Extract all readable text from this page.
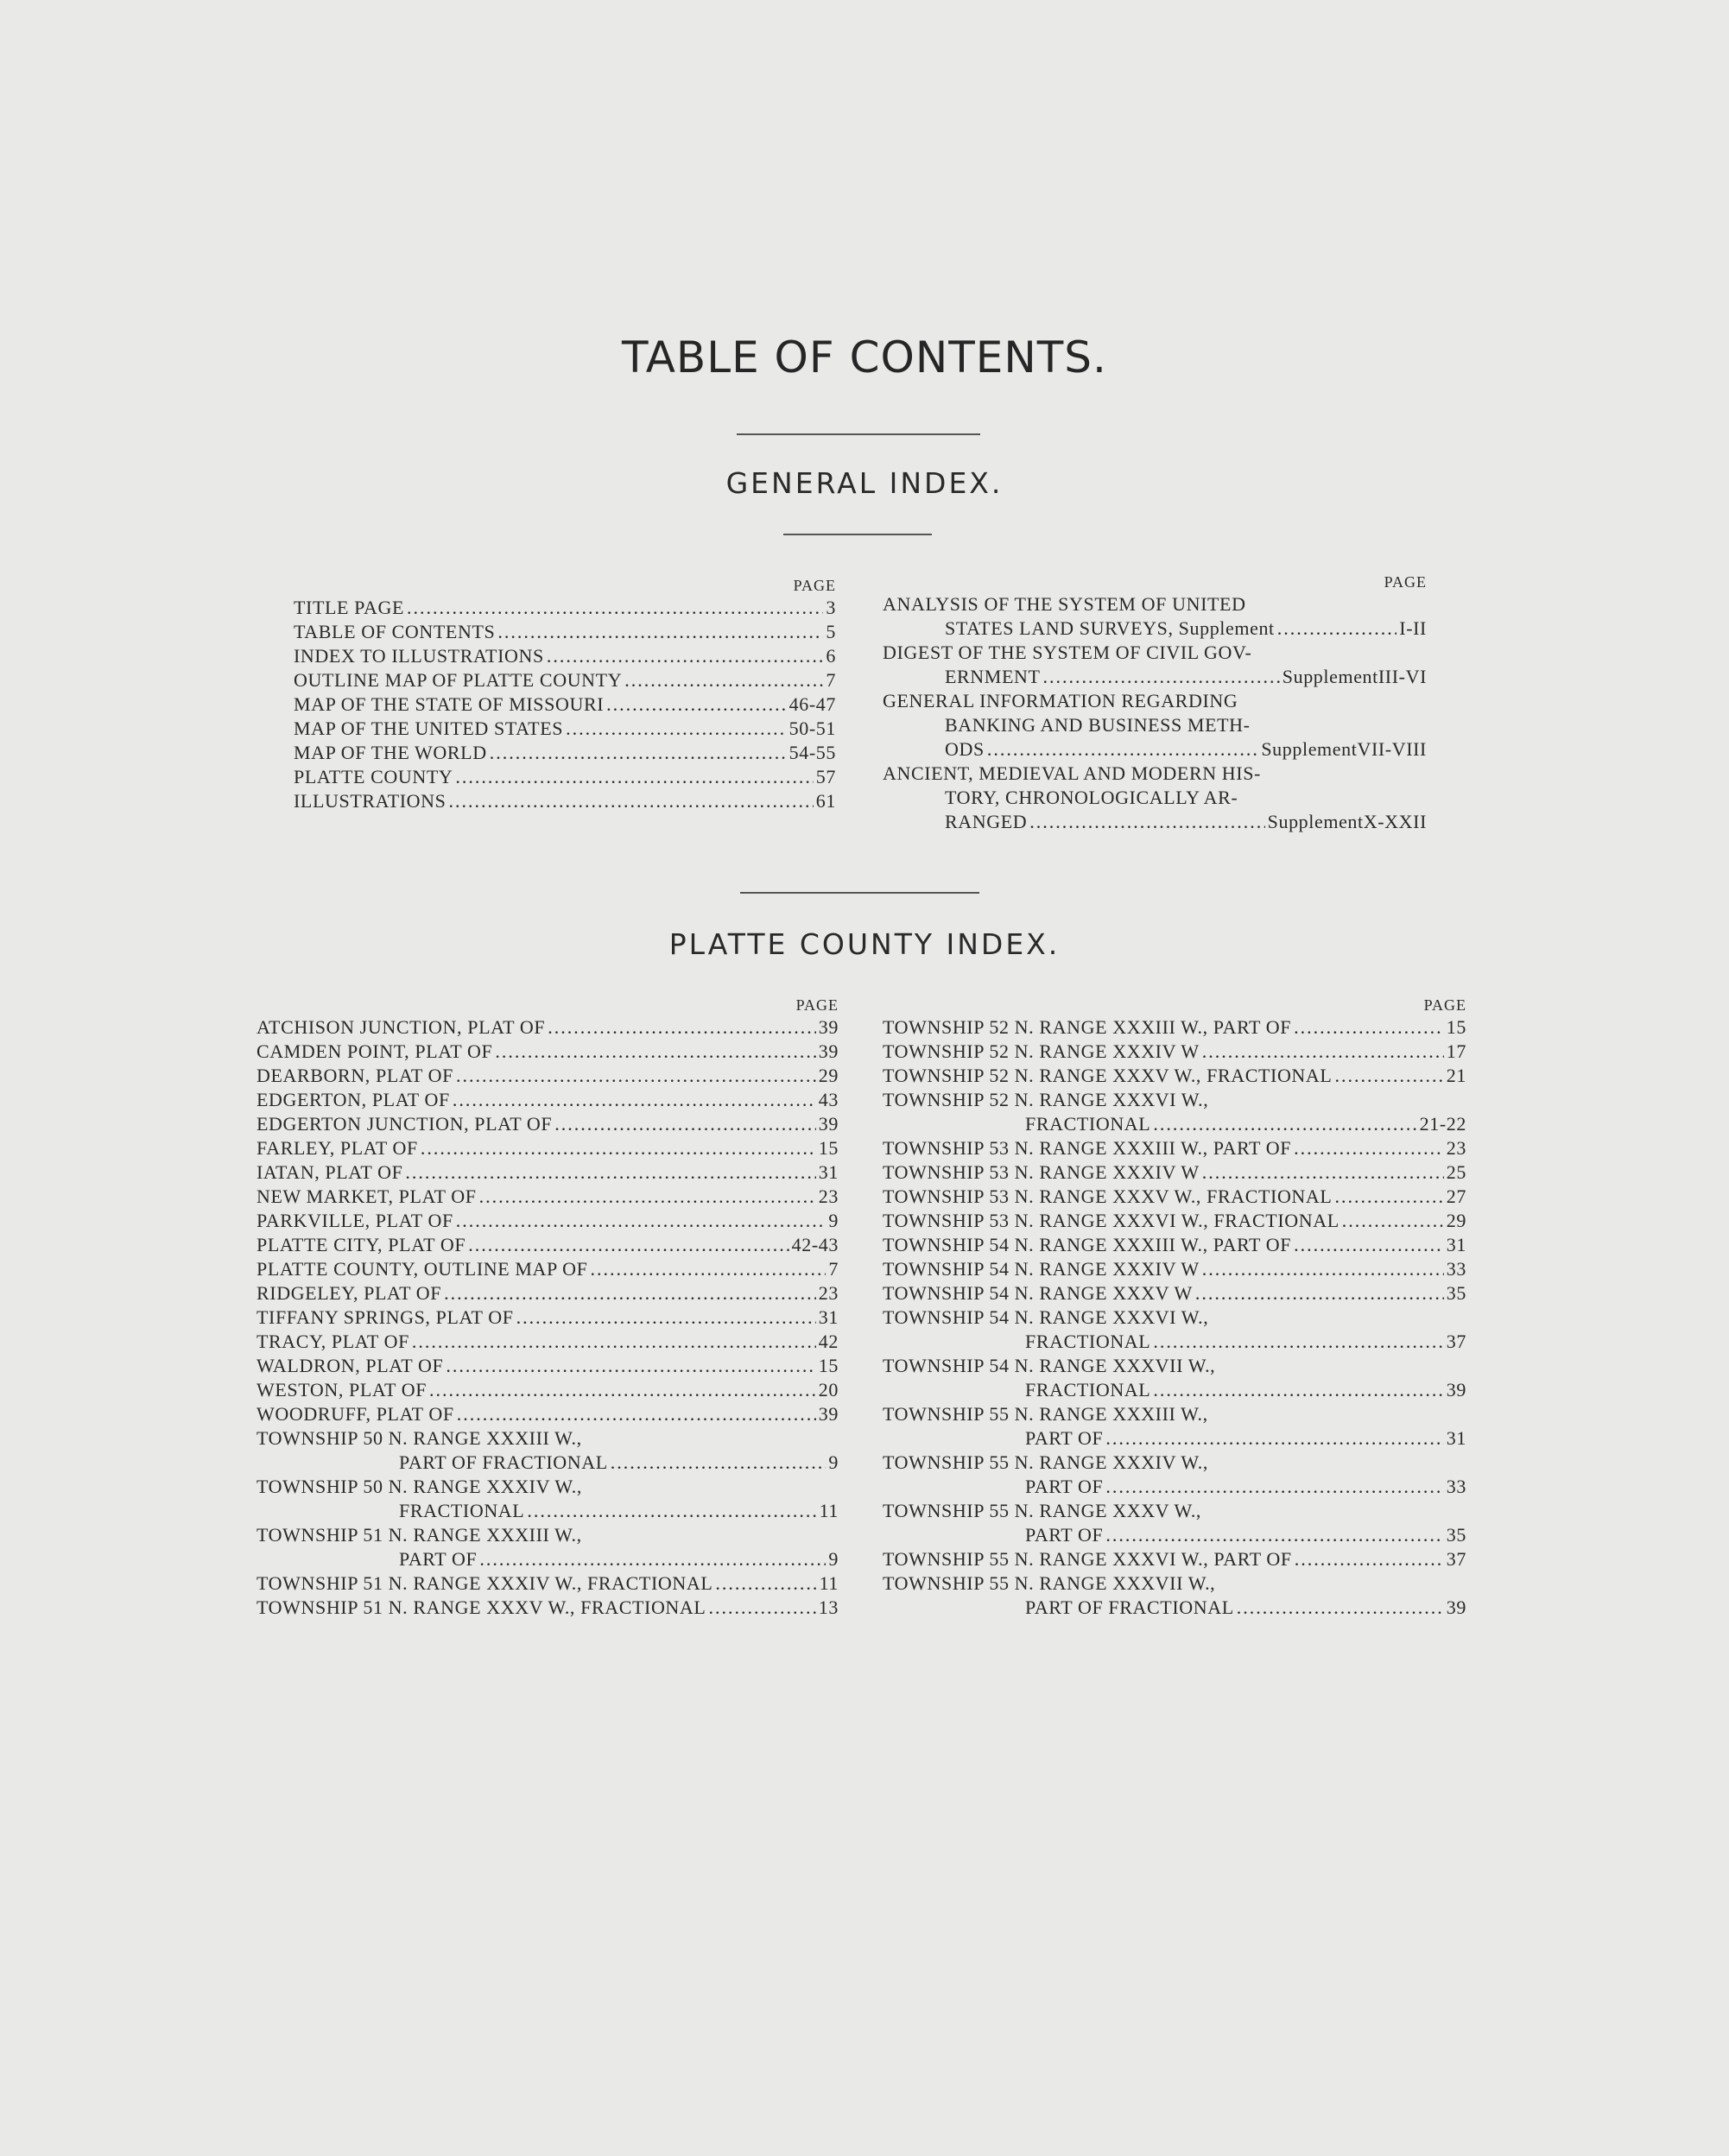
TABLE OF CONTENTS.
GENERAL INDEX.
PAGE
TITLE PAGE .....	3
TABLE OF CONTENTS .....	5
INDEX TO ILLUSTRATIONS .....	6
OUTLINE MAP OF PLATTE COUNTY .....	7
MAP OF THE STATE OF MISSOURI .....	46-47
MAP OF THE UNITED STATES .....	50-51
MAP OF THE WORLD .....	54-55
PLATTE COUNTY .....	57
ILLUSTRATIONS .....	61
PAGE
ANALYSIS OF THE SYSTEM OF UNITED
STATES LAND SURVEYS, Supplement .....	I-II
DIGEST OF THE SYSTEM OF CIVIL GOV-
ERNMENT .....	Supplement III-VI
GENERAL INFORMATION REGARDING
BANKING AND BUSINESS METH-
ODS .....	Supplement VII-VIII
ANCIENT, MEDIEVAL AND MODERN HIS-
TORY, CHRONOLOGICALLY AR-
RANGED .....	Supplement X-XXII
PLATTE COUNTY INDEX.
PAGE
ATCHISON JUNCTION, PLAT OF .....	39
CAMDEN POINT, PLAT OF .....	39
DEARBORN, PLAT OF .....	29
EDGERTON, PLAT OF .....	43
EDGERTON JUNCTION, PLAT OF .....	39
FARLEY, PLAT OF .....	15
IATAN, PLAT OF .....	31
NEW MARKET, PLAT OF .....	23
PARKVILLE, PLAT OF .....	9
PLATTE CITY, PLAT OF .....	42-43
PLATTE COUNTY, OUTLINE MAP OF .....	7
RIDGELEY, PLAT OF .....	23
TIFFANY SPRINGS, PLAT OF .....	31
TRACY, PLAT OF .....	42
WALDRON, PLAT OF .....	15
WESTON, PLAT OF .....	20
WOODRUFF, PLAT OF .....	39
TOWNSHIP 50 N. RANGE XXXIII W.,
PART OF FRACTIONAL .....	9
TOWNSHIP 50 N. RANGE XXXIV W.,
FRACTIONAL .....	11
TOWNSHIP 51 N. RANGE XXXIII W.,
PART OF .....	9
TOWNSHIP 51 N. RANGE XXXIV W., FRACTIONAL .....	11
TOWNSHIP 51 N. RANGE XXXV W., FRACTIONAL .....	13
PAGE
TOWNSHIP 52 N. RANGE XXXIII W., PART OF .....	15
TOWNSHIP 52 N. RANGE XXXIV W .....	17
TOWNSHIP 52 N. RANGE XXXV W., FRACTIONAL .....	21
TOWNSHIP 52 N. RANGE XXXVI W.,
FRACTIONAL .....	21-22
TOWNSHIP 53 N. RANGE XXXIII W., PART OF .....	23
TOWNSHIP 53 N. RANGE XXXIV W .....	25
TOWNSHIP 53 N. RANGE XXXV W., FRACTIONAL .....	27
TOWNSHIP 53 N. RANGE XXXVI W., FRACTIONAL .....	29
TOWNSHIP 54 N. RANGE XXXIII W., PART OF .....	31
TOWNSHIP 54 N. RANGE XXXIV W .....	33
TOWNSHIP 54 N. RANGE XXXV W .....	35
TOWNSHIP 54 N. RANGE XXXVI W.,
FRACTIONAL .....	37
TOWNSHIP 54 N. RANGE XXXVII W.,
FRACTIONAL .....	39
TOWNSHIP 55 N. RANGE XXXIII W.,
PART OF .....	31
TOWNSHIP 55 N. RANGE XXXIV W.,
PART OF .....	33
TOWNSHIP 55 N. RANGE XXXV W.,
PART OF .....	35
TOWNSHIP 55 N. RANGE XXXVI W., PART OF .....	37
TOWNSHIP 55 N. RANGE XXXVII W.,
PART OF FRACTIONAL .....	39
